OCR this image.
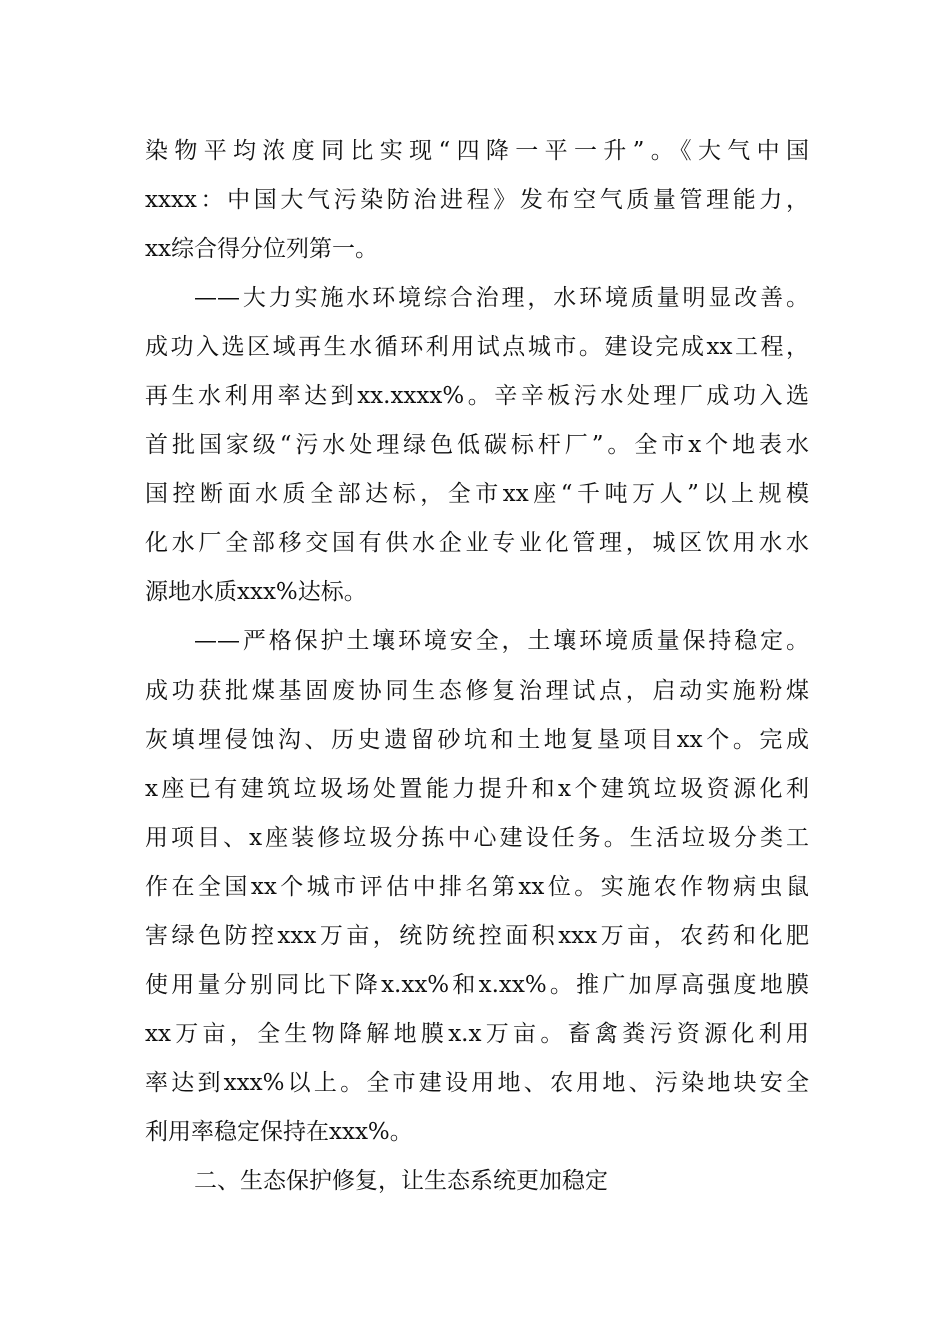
染物平均浓度同比实现“四降一平一升”。《大气中国
xxxx：中国大气污染防治进程》发布空气质量管理能力，
xx综合得分位列第一。
——大力实施水环境综合治理，水环境质量明显改善。
成功入选区域再生水循环利用试点城市。建设完成xx工程，
再生水利用率达到xx.xxxx%。辛辛板污水处理厂成功入选
首批国家级“污水处理绿色低碳标杆厂”。全市x个地表水
国控断面水质全部达标，全市xx座“千吨万人”以上规模
化水厂全部移交国有供水企业专业化管理，城区饮用水水
源地水质xxx%达标。
——严格保护土壤环境安全，土壤环境质量保持稳定。
成功获批煤基固废协同生态修复治理试点，启动实施粉煤
灰填埋侵蚀沟、历史遗留砂坑和土地复垦项目xx个。完成
x座已有建筑垃圾场处置能力提升和x个建筑垃圾资源化利
用项目、x座装修垃圾分拣中心建设任务。生活垃圾分类工
作在全国xx个城市评估中排名第xx位。实施农作物病虫鼠
害绿色防控xxx万亩，统防统控面积xxx万亩，农药和化肥
使用量分别同比下降x.xx%和x.xx%。推广加厚高强度地膜
xx万亩，全生物降解地膜x.x万亩。畜禽粪污资源化利用
率达到xxx%以上。全市建设用地、农用地、污染地块安全
利用率稳定保持在xxx%。
二、生态保护修复，让生态系统更加稳定
